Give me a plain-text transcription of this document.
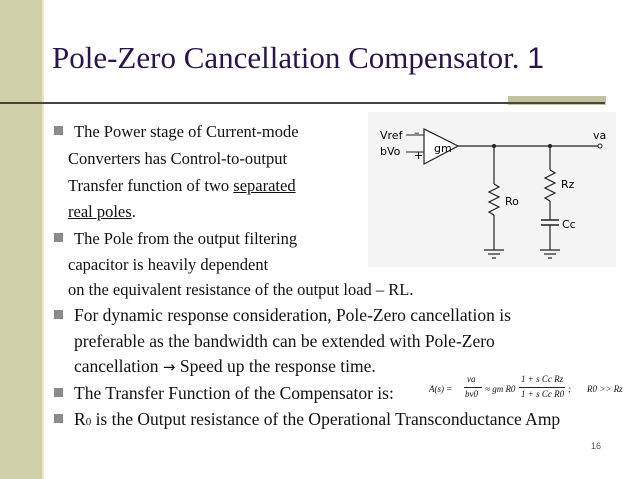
Pole-Zero Cancellation Compensator. 1
–
+
Vref
bVo	gm
va
Ro
Rz
Cc
The Power stage of Current-mode
Converters has Control-to-output
Transfer function of two separated
real poles.
The Pole from the output filtering
capacitor is heavily dependent
on the equivalent resistance of the output load – RL.
For dynamic response consideration, Pole-Zero cancellation is
preferable as the bandwidth can be extended with Pole-Zero
cancellation → Speed up the response time.
The Transfer Function of the Compensator is:	A(s) =
va
bv0 ≈ gm R0
1 + s Cc Rz
1 + s Cc R0 ; R0 >> Rz
R0 is the Output resistance of the Operational Transconductance Amp
16
